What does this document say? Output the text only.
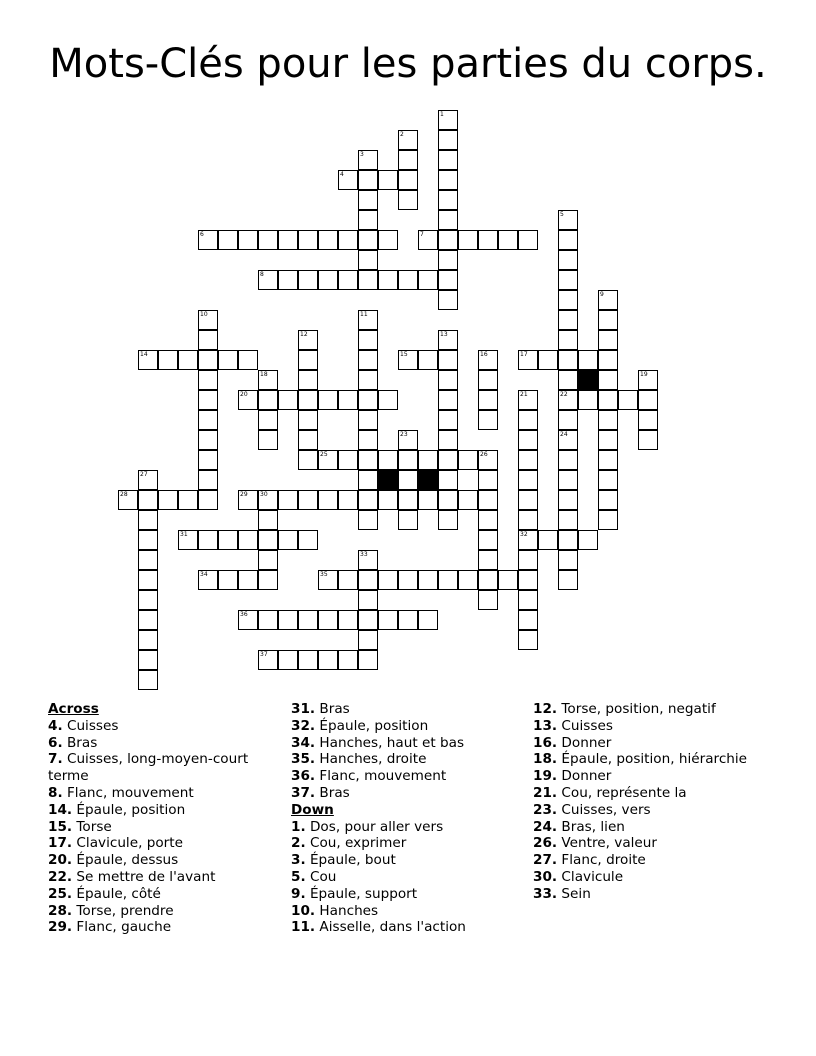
Mots-Clés pour les parties du corps.
4
6	7
8
14	15	17
20	22
25
28	29 30
31	32
34	35
36
37
1
2
3
5
24
9
10	11
12	13
16
18	19
21
23
26
27
33

Across

4. Cuisses

6. Bras

7. Cuisses, long-moyen-court terme

8. Flanc, mouvement

14. Épaule, position

15. Torse

17. Clavicule, porte

20. Épaule, dessus

22. Se mettre de l'avant

25. Épaule, côté

28. Torse, prendre

29. Flanc, gauche

31. Bras

32. Épaule, position

34. Hanches, haut et bas

35. Hanches, droite

36. Flanc, mouvement

37. Bras

Down

1. Dos, pour aller vers

2. Cou, exprimer

3. Épaule, bout

5. Cou

9. Épaule, support

10. Hanches

11. Aisselle, dans l'action

12. Torse, position, negatif

13. Cuisses

16. Donner

18. Épaule, position, hiérarchie

19. Donner

21. Cou, représente la

23. Cuisses, vers

24. Bras, lien

26. Ventre, valeur

27. Flanc, droite

30. Clavicule

33. Sein
